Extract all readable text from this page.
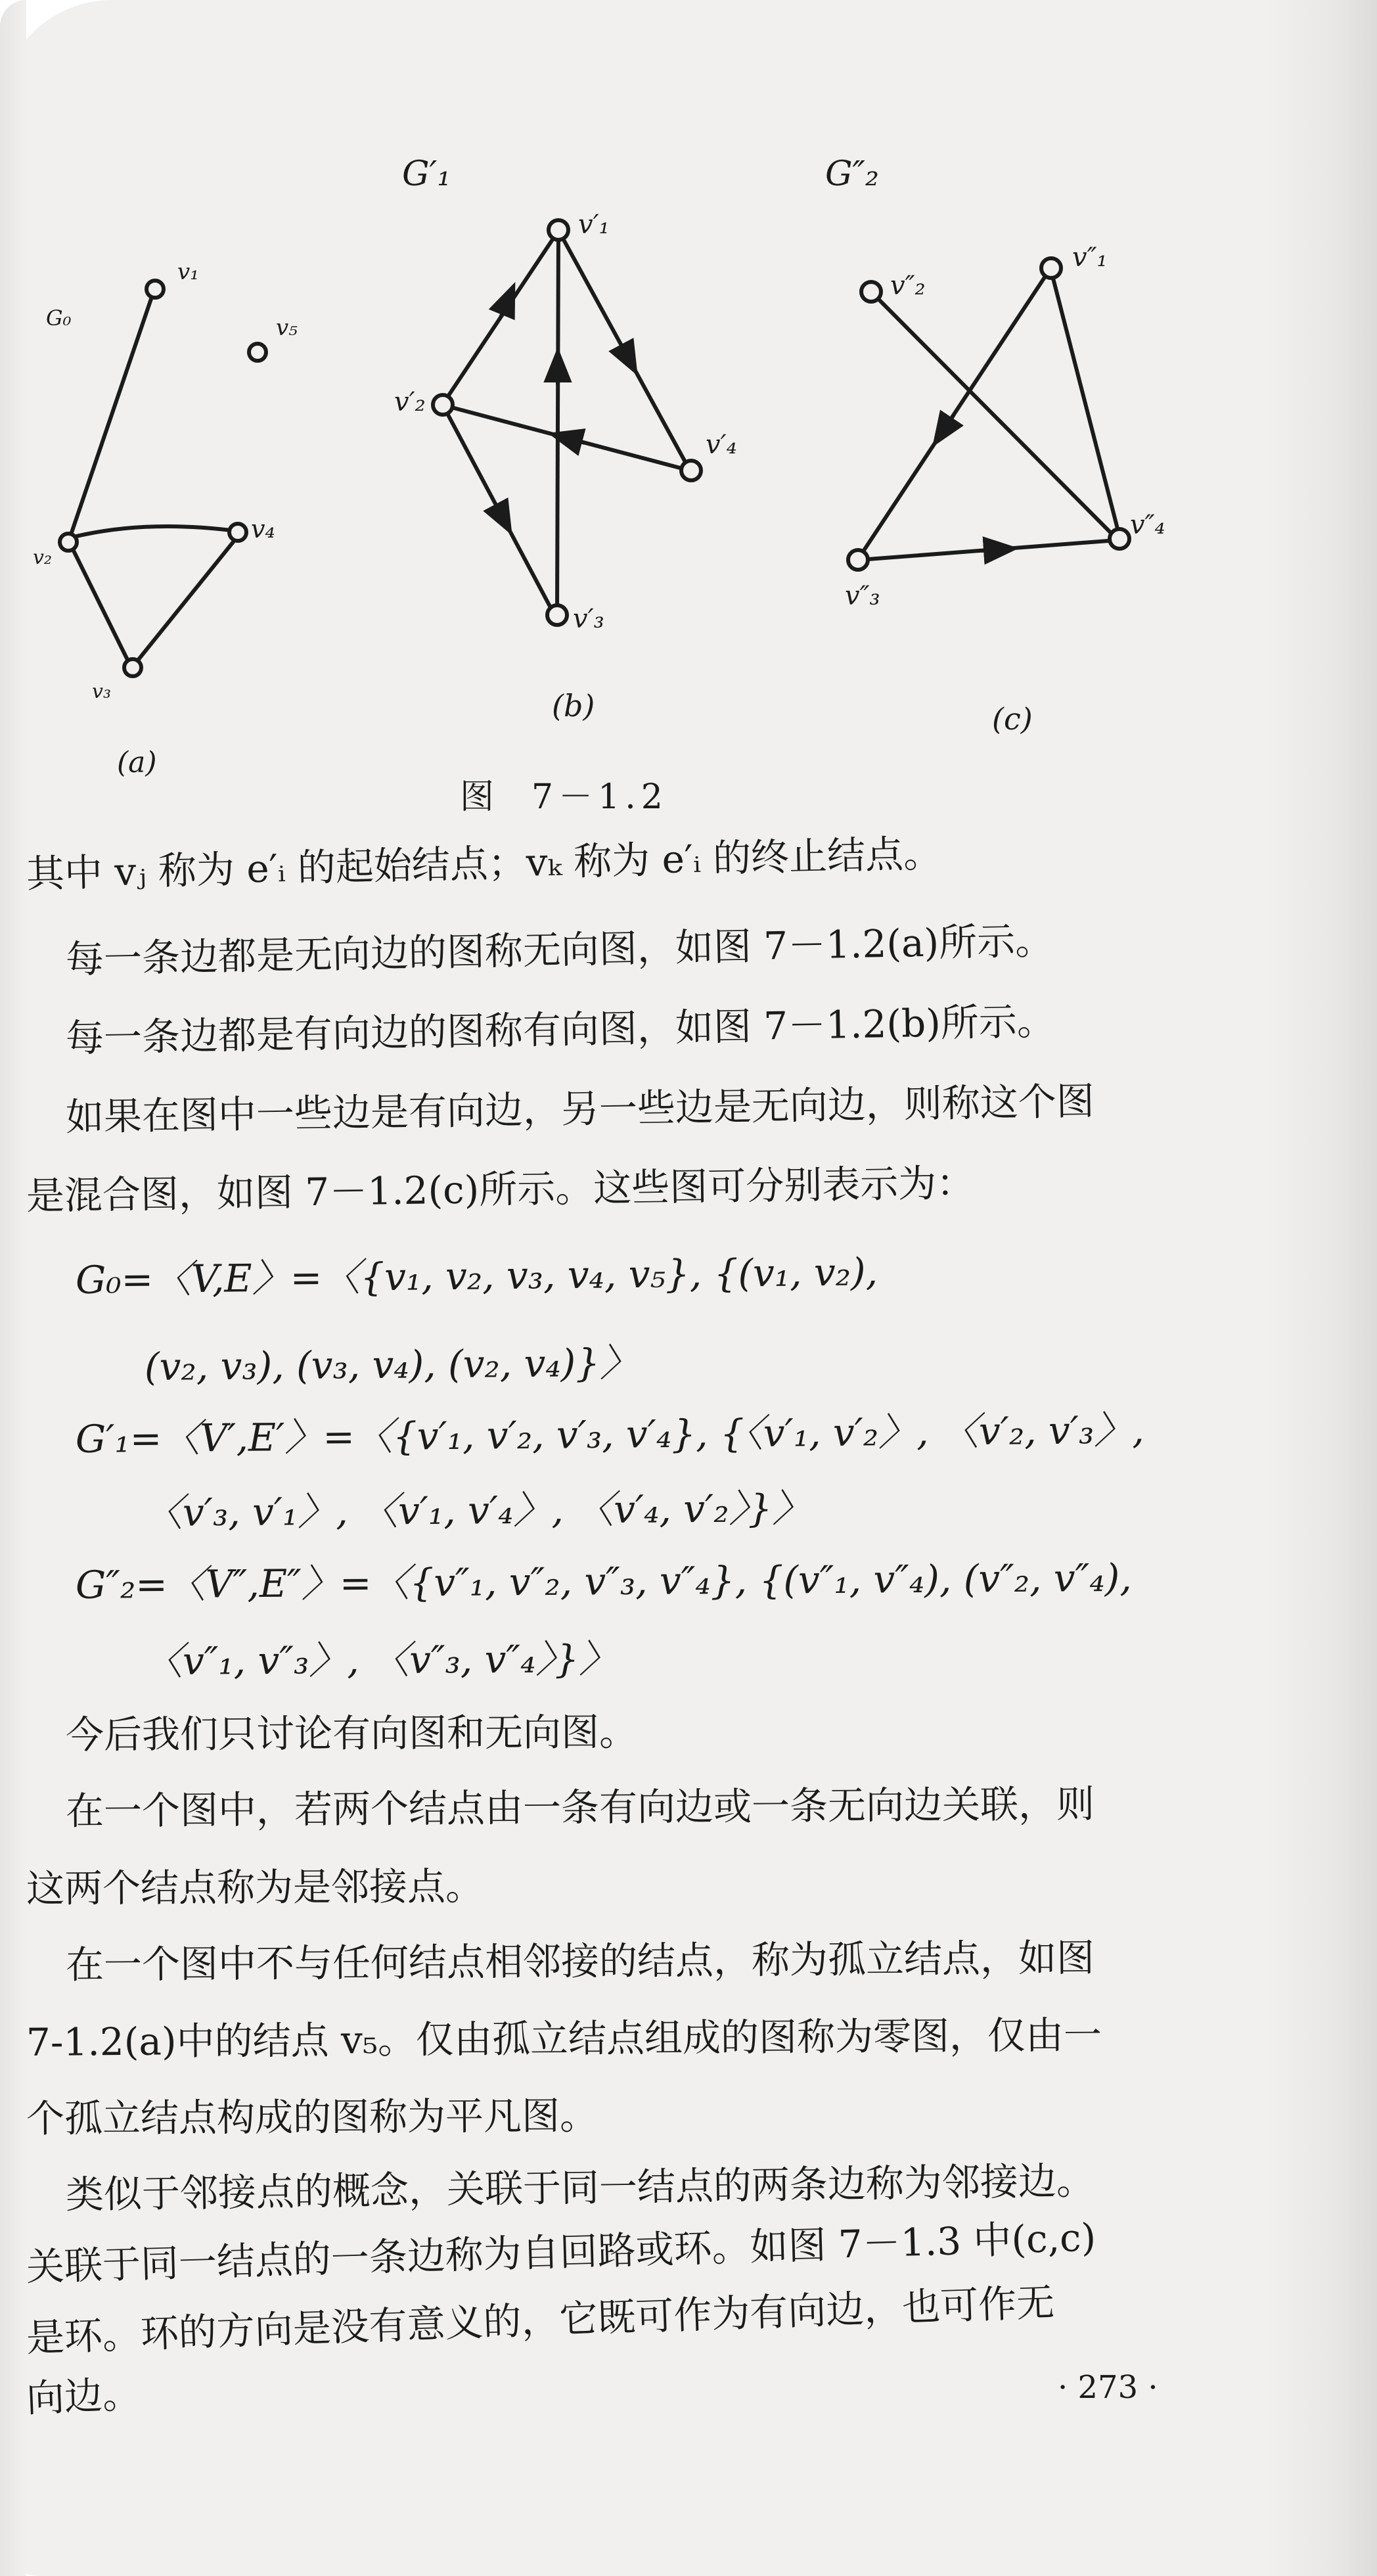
G₀
v₁
v₅
v₂
v₄
v₃
(a)
G′₁
v′₁
v′₂
v′₃
v′₄
(b)
G″₂
v″₁
v″₂
v″₃
v″₄
(c)
图  7－1.2
其中 vⱼ 称为 e′ᵢ 的起始结点；vₖ 称为 e′ᵢ 的终止结点。
每一条边都是无向边的图称无向图，如图 7－1.2(a)所示。
每一条边都是有向边的图称有向图，如图 7－1.2(b)所示。
如果在图中一些边是有向边，另一些边是无向边，则称这个图
是混合图，如图 7－1.2(c)所示。这些图可分别表示为：
G₀=〈V,E〉=〈{v₁, v₂, v₃, v₄, v₅}, {(v₁, v₂),
(v₂, v₃), (v₃, v₄), (v₂, v₄)}〉
G′₁=〈V′,E′〉=〈{v′₁, v′₂, v′₃, v′₄}, {〈v′₁, v′₂〉, 〈v′₂, v′₃〉,
〈v′₃, v′₁〉, 〈v′₁, v′₄〉, 〈v′₄, v′₂〉}〉
G″₂=〈V″,E″〉=〈{v″₁, v″₂, v″₃, v″₄}, {(v″₁, v″₄), (v″₂, v″₄),
〈v″₁, v″₃〉, 〈v″₃, v″₄〉}〉
今后我们只讨论有向图和无向图。
在一个图中，若两个结点由一条有向边或一条无向边关联，则
这两个结点称为是邻接点。
在一个图中不与任何结点相邻接的结点，称为孤立结点，如图
7-1.2(a)中的结点 v₅。仅由孤立结点组成的图称为零图，仅由一
个孤立结点构成的图称为平凡图。
类似于邻接点的概念，关联于同一结点的两条边称为邻接边。
关联于同一结点的一条边称为自回路或环。如图 7－1.3 中(c,c)
是环。环的方向是没有意义的，它既可作为有向边，也可作无
向边。	· 273 ·
